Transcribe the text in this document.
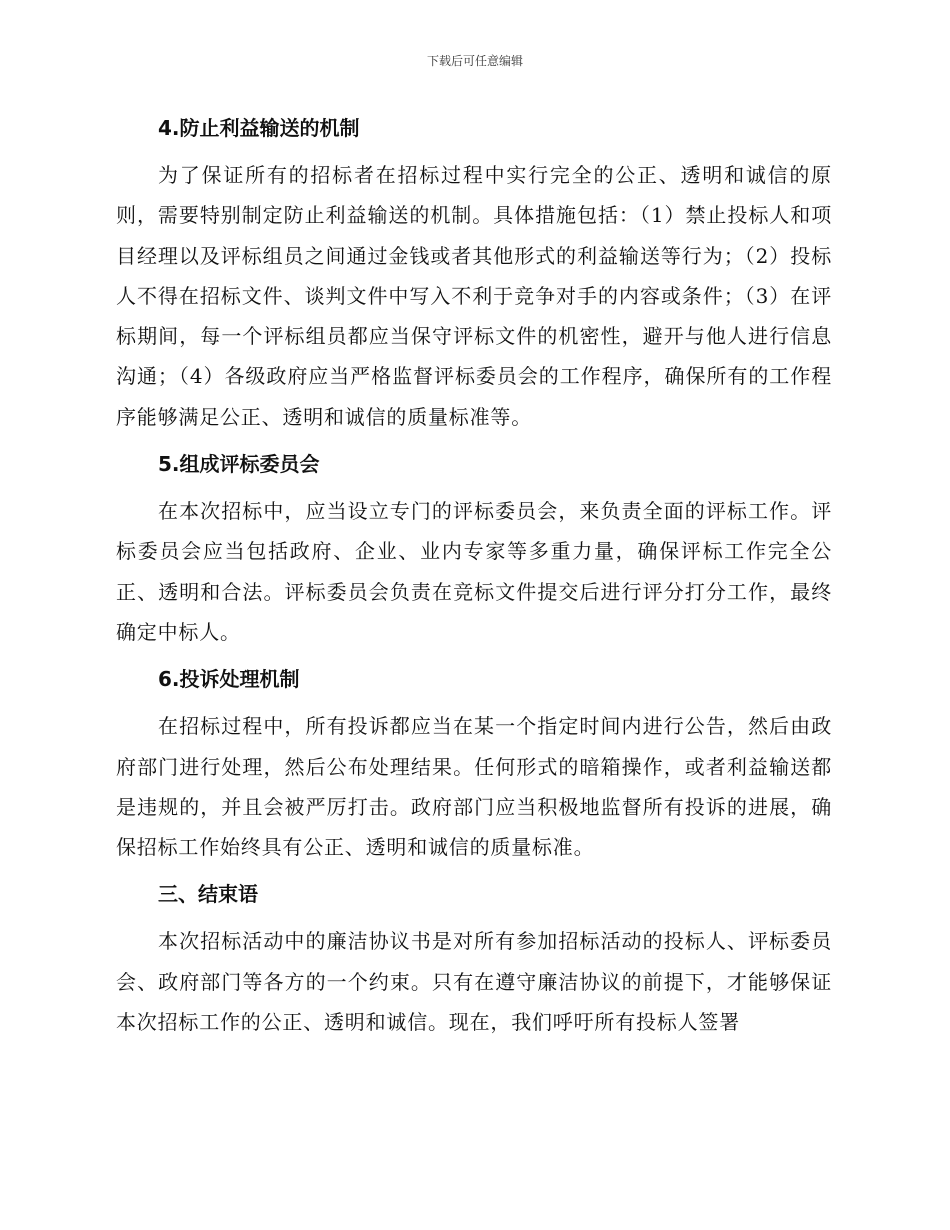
下载后可任意编辑
4.防止利益输送的机制
为了保证所有的招标者在招标过程中实行完全的公正、透明和诚信的原则，需要特别制定防止利益输送的机制。具体措施包括：（1）禁止投标人和项目经理以及评标组员之间通过金钱或者其他形式的利益输送等行为；（2）投标人不得在招标文件、谈判文件中写入不利于竞争对手的内容或条件；（3）在评标期间，每一个评标组员都应当保守评标文件的机密性，避开与他人进行信息沟通；（4）各级政府应当严格监督评标委员会的工作程序，确保所有的工作程序能够满足公正、透明和诚信的质量标准等。
5.组成评标委员会
在本次招标中，应当设立专门的评标委员会，来负责全面的评标工作。评标委员会应当包括政府、企业、业内专家等多重力量，确保评标工作完全公正、透明和合法。评标委员会负责在竞标文件提交后进行评分打分工作，最终确定中标人。
6.投诉处理机制
在招标过程中，所有投诉都应当在某一个指定时间内进行公告，然后由政府部门进行处理，然后公布处理结果。任何形式的暗箱操作，或者利益输送都是违规的，并且会被严厉打击。政府部门应当积极地监督所有投诉的进展，确保招标工作始终具有公正、透明和诚信的质量标准。
三、结束语
本次招标活动中的廉洁协议书是对所有参加招标活动的投标人、评标委员会、政府部门等各方的一个约束。只有在遵守廉洁协议的前提下，才能够保证本次招标工作的公正、透明和诚信。现在，我们呼吁所有投标人签署
